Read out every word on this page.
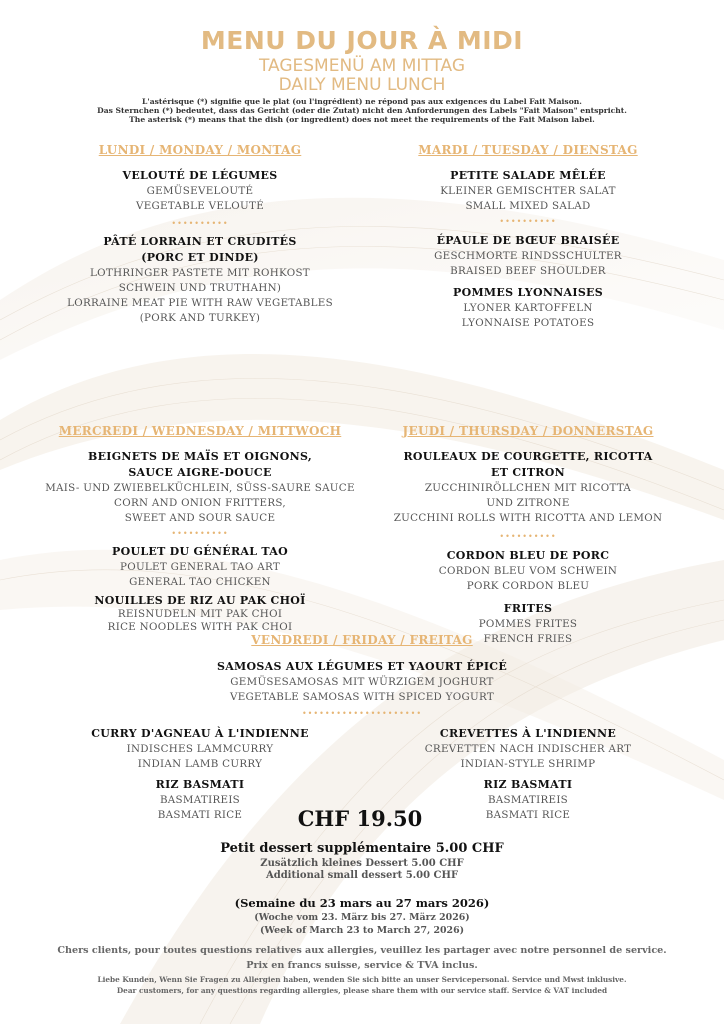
MENU DU JOUR À MIDI
TAGESMENÜ AM MITTAG
DAILY MENU LUNCH
L'astérisque (*) signifie que le plat (ou l'ingrédient) ne répond pas aux exigences du Label Fait Maison.
Das Sternchen (*) bedeutet, dass das Gericht (oder die Zutat) nicht den Anforderungen des Labels "Fait Maison" entspricht.
The asterisk (*) means that the dish (or ingredient) does not meet the requirements of the Fait Maison label.
LUNDI / MONDAY / MONTAG
VELOUTÉ DE LÉGUMES
GEMÜSEVELOUTÉ
VEGETABLE VELOUTÉ
••••••••••
PÂTÉ LORRAIN ET CRUDITÉS
(PORC ET DINDE)
LOTHRINGER PASTETE MIT ROHKOST
SCHWEIN UND TRUTHAHN)
LORRAINE MEAT PIE WITH RAW VEGETABLES
(PORK AND TURKEY)
MARDI / TUESDAY / DIENSTAG
PETITE SALADE MÊLÉE
KLEINER GEMISCHTER SALAT
SMALL MIXED SALAD
••••••••••
ÉPAULE DE BŒUF BRAISÉE
GESCHMORTE RINDSSCHULTER
BRAISED BEEF SHOULDER
POMMES LYONNAISES
LYONER KARTOFFELN
LYONNAISE POTATOES
MERCREDI / WEDNESDAY / MITTWOCH
BEIGNETS DE MAÏS ET OIGNONS,
SAUCE AIGRE-DOUCE
MAIS- UND ZWIEBELKÜCHLEIN, SÜSS-SAURE SAUCE
CORN AND ONION FRITTERS,
SWEET AND SOUR SAUCE
••••••••••
POULET DU GÉNÉRAL TAO
POULET GENERAL TAO ART
GENERAL TAO CHICKEN
NOUILLES DE RIZ AU PAK CHOÏ
REISNUDELN MIT PAK CHOI
RICE NOODLES WITH PAK CHOI
JEUDI / THURSDAY / DONNERSTAG
ROULEAUX DE COURGETTE, RICOTTA
ET CITRON
ZUCCHINIRÖLLCHEN MIT RICOTTA
UND ZITRONE
ZUCCHINI ROLLS WITH RICOTTA AND LEMON
••••••••••
CORDON BLEU DE PORC
CORDON BLEU VOM SCHWEIN
PORK CORDON BLEU
FRITES
POMMES FRITES
FRENCH FRIES
VENDREDI / FRIDAY / FREITAG
SAMOSAS AUX LÉGUMES ET YAOURT ÉPICÉ
GEMÜSESAMOSAS MIT WÜRZIGEM JOGHURT
VEGETABLE SAMOSAS WITH SPICED YOGURT
•••••••••••••••••••••
CURRY D'AGNEAU À L'INDIENNE
INDISCHES LAMMCURRY
INDIAN LAMB CURRY
RIZ BASMATI
BASMATIREIS
BASMATI RICE
CREVETTES À L'INDIENNE
CREVETTEN NACH INDISCHER ART
INDIAN-STYLE SHRIMP
RIZ BASMATI
BASMATIREIS
BASMATI RICE
CHF 19.50
Petit dessert supplémentaire 5.00 CHF
Zusätzlich kleines Dessert 5.00 CHF
Additional small dessert 5.00 CHF
(Semaine du 23 mars au 27 mars 2026)
(Woche vom 23. März bis 27. März 2026)
(Week of March 23 to March 27, 2026)
Chers clients, pour toutes questions relatives aux allergies, veuillez les partager avec notre personnel de service.
Prix en francs suisse, service & TVA inclus.
Liebe Kunden, Wenn Sie Fragen zu Allergien haben, wenden Sie sich bitte an unser Servicepersonal. Service und Mwst inklusive.
Dear customers, for any questions regarding allergies, please share them with our service staff. Service & VAT included
